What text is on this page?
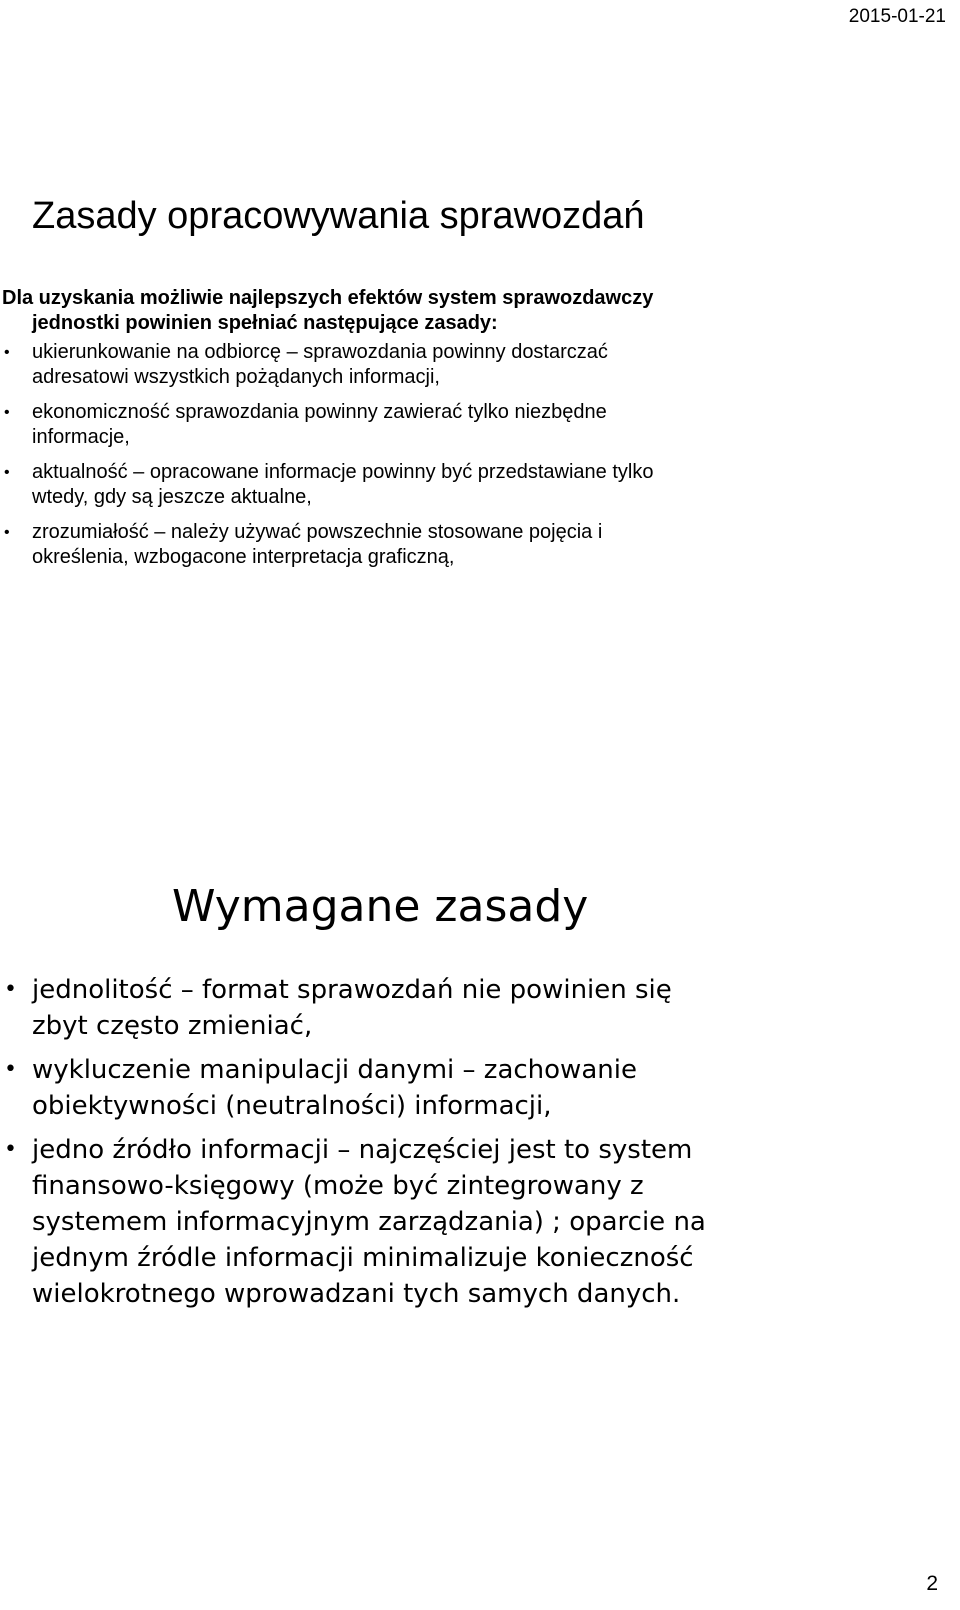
2015-01-21
Zasady opracowywania sprawozdań

Dla uzyskania możliwie najlepszych efektów system sprawozdawczy jednostki powinien spełniać następujące zasady:

• ukierunkowanie na odbiorcę – sprawozdania powinny dostarczać adresatowi wszystkich pożądanych informacji,
• ekonomiczność sprawozdania powinny zawierać tylko niezbędne informacje,
• aktualność – opracowane informacje powinny być przedstawiane tylko wtedy, gdy są jeszcze aktualne,
• zrozumiałość – należy używać powszechnie stosowane pojęcia i określenia, wzbogacone interpretacja graficzną,
Wymagane zasady
• jednolitość – format sprawozdań nie powinien się zbyt często zmieniać,
• wykluczenie manipulacji danymi – zachowanie obiektywności (neutralności) informacji,
• jedno źródło informacji – najczęściej jest to system finansowo-księgowy (może być zintegrowany z systemem informacyjnym zarządzania) ; oparcie na jednym źródle informacji minimalizuje konieczność wielokrotnego wprowadzani tych samych danych.
2
